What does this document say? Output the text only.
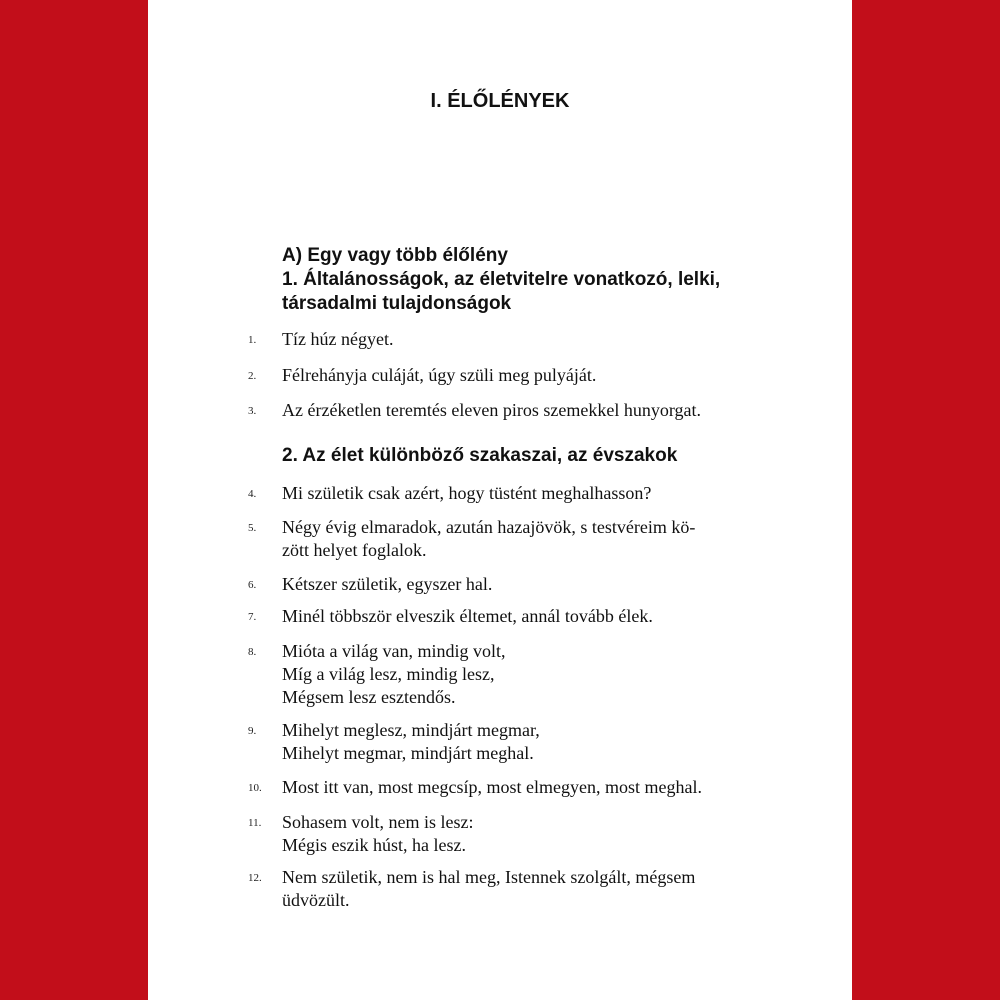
I. ÉLŐLÉNYEK
A) Egy vagy több élőlény
1. Általánosságok, az életvitelre vonatkozó, lelki,
társadalmi tulajdonságok
2. Az élet különböző szakaszai, az évszakok
1.	Tíz húz négyet.
2.	Félrehányja culáját, úgy szüli meg pulyáját.
3.	Az érzéketlen teremtés eleven piros szemekkel hunyorgat.
4.	Mi születik csak azért, hogy tüstént meghalhasson?
5.	Négy évig elmaradok, azután hazajövök, s testvéreim kö-
zött helyet foglalok.
6.	Kétszer születik, egyszer hal.
7.	Minél többször elveszik éltemet, annál tovább élek.
8.	Mióta a világ van, mindig volt,
Míg a világ lesz, mindig lesz,
Mégsem lesz esztendős.
9.	Mihelyt meglesz, mindjárt megmar,
Mihelyt megmar, mindjárt meghal.
10.	Most itt van, most megcsíp, most elmegyen, most meghal.
11.	Sohasem volt, nem is lesz:
Mégis eszik húst, ha lesz.
12.	Nem születik, nem is hal meg, Istennek szolgált, mégsem
üdvözült.
